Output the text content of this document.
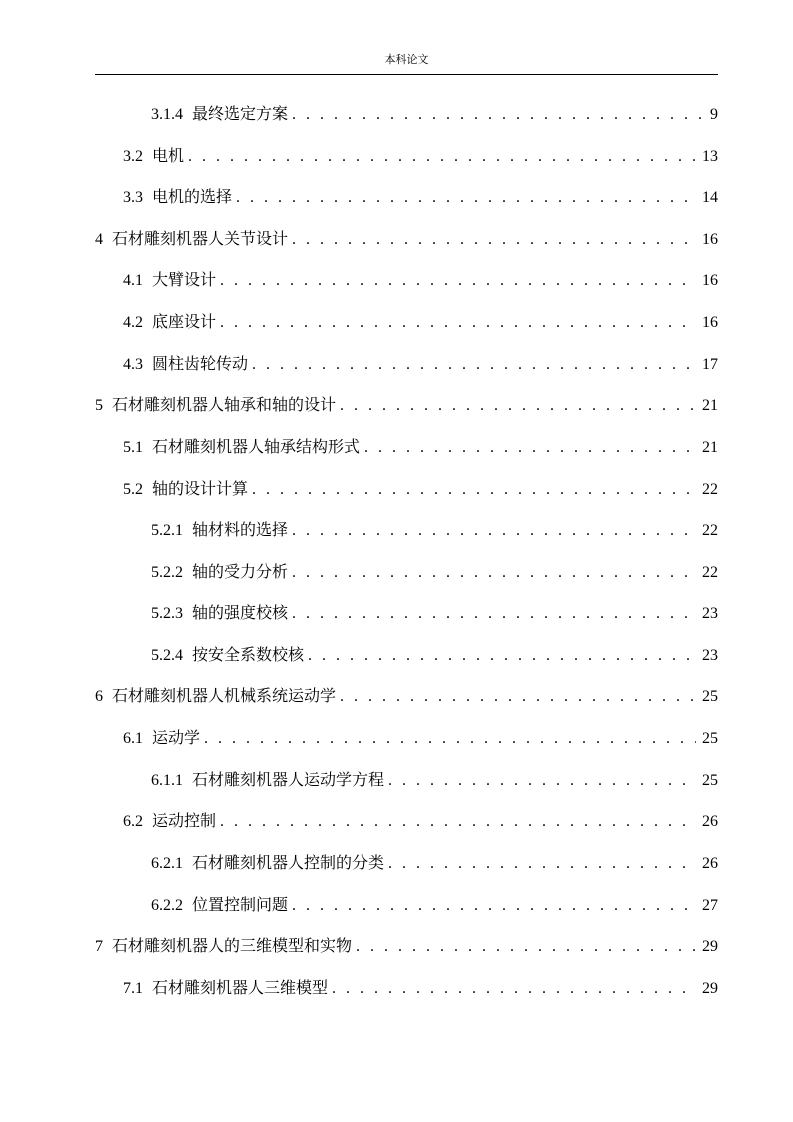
本科论文
3.1.4 最终选定方案 . . .	9
3.2 电机 . . .	13
3.3 电机的选择 . . .	14
4 石材雕刻机器人关节设计 . . .	16
4.1 大臂设计 . . .	16
4.2 底座设计 . . .	16
4.3 圆柱齿轮传动 . . .	17
5 石材雕刻机器人轴承和轴的设计 . . .	21
5.1 石材雕刻机器人轴承结构形式 . . .	21
5.2 轴的设计计算 . . .	22
5.2.1 轴材料的选择 . . .	22
5.2.2 轴的受力分析 . . .	22
5.2.3 轴的强度校核 . . .	23
5.2.4 按安全系数校核 . . .	23
6 石材雕刻机器人机械系统运动学 . . .	25
6.1 运动学 . . .	25
6.1.1 石材雕刻机器人运动学方程 . . .	25
6.2 运动控制 . . .	26
6.2.1 石材雕刻机器人控制的分类 . . .	26
6.2.2 位置控制问题 . . .	27
7 石材雕刻机器人的三维模型和实物 . . .	29
7.1 石材雕刻机器人三维模型 . . .	29
